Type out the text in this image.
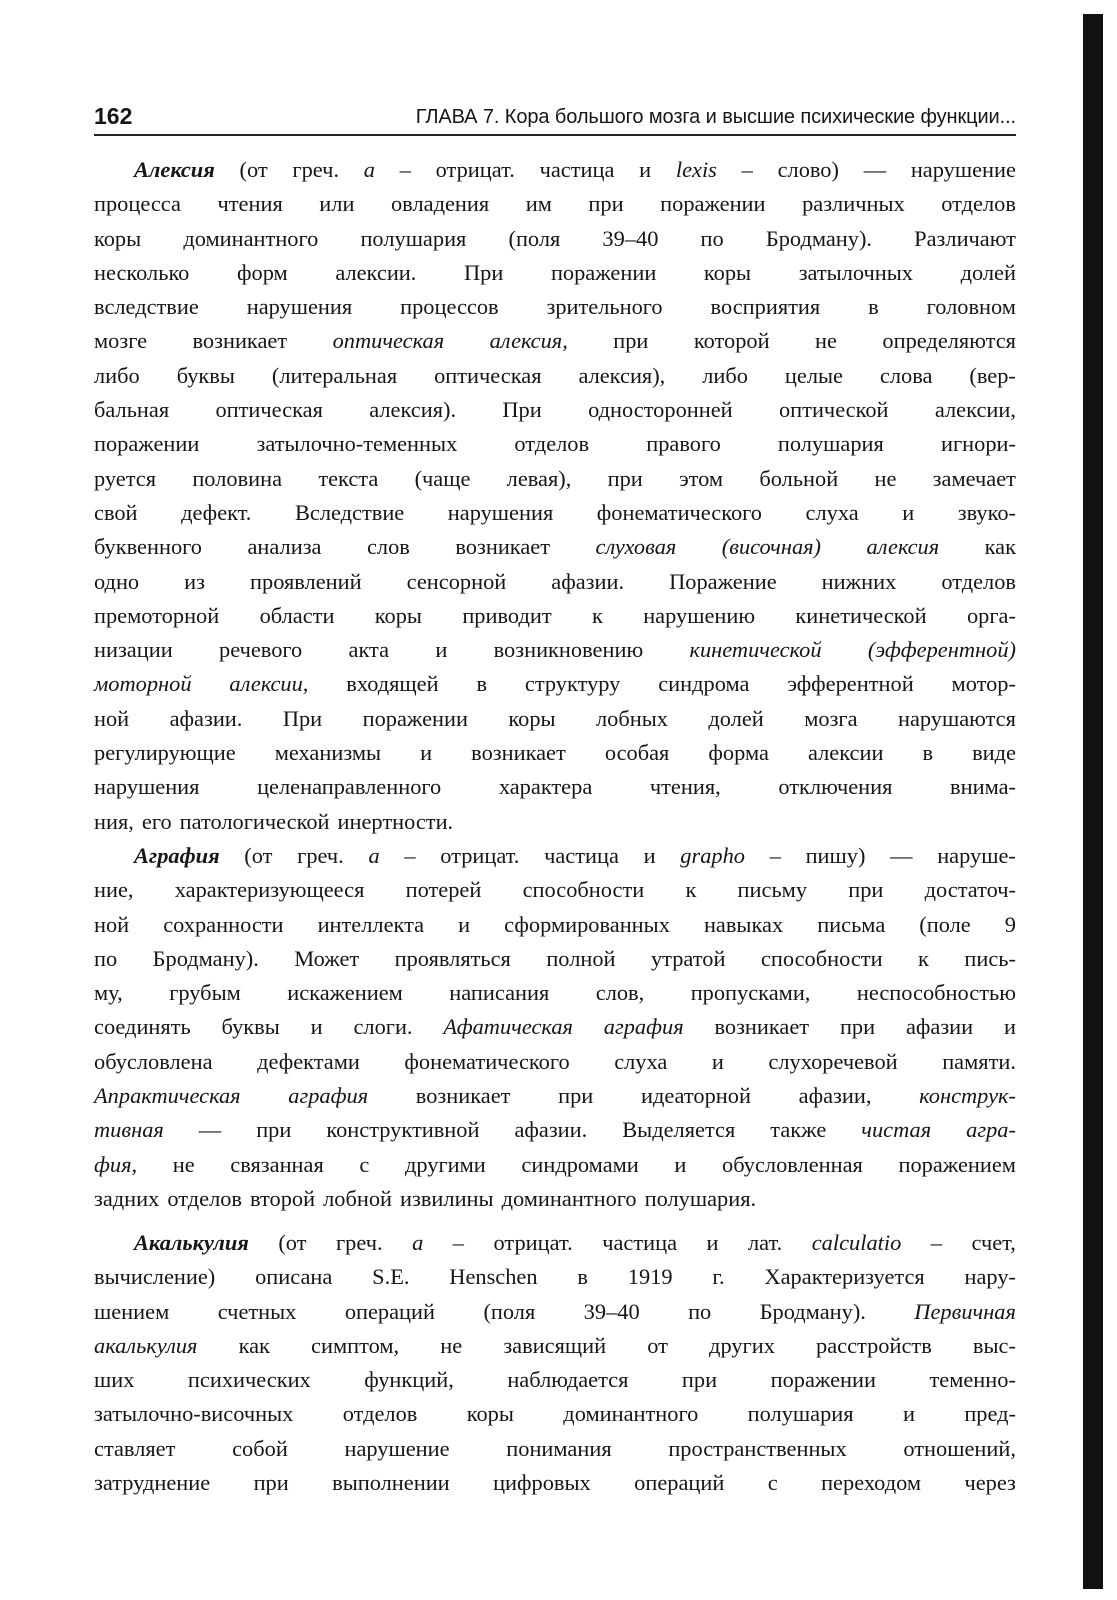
162	ГЛАВА 7. Кора большого мозга и высшие психические функции...
Алексия (от греч. a – отрицат. частица и lexis – слово) — нарушение
процесса чтения или овладения им при поражении различных отделов
коры доминантного полушария (поля 39–40 по Бродману). Различают
несколько форм алексии. При поражении коры затылочных долей
вследствие нарушения процессов зрительного восприятия в головном
мозге возникает оптическая алексия, при которой не определяются
либо буквы (литеральная оптическая алексия), либо целые слова (вер-
бальная оптическая алексия). При односторонней оптической алексии,
поражении	затылочно-теменных	отделов	правого	полушария	игнори-
руется половина текста (чаще левая), при этом больной не замечает
свой дефект. Вследствие нарушения фонематического слуха и звуко-
буквенного анализа слов возникает слуховая (височная) алексия как
одно из проявлений сенсорной афазии. Поражение нижних отделов
премоторной области коры приводит к нарушению кинетической орга-
низации речевого акта и возникновению кинетической (эфферентной)
моторной алексии, входящей в структуру синдрома эфферентной мотор-
ной афазии. При поражении коры лобных долей мозга нарушаются
регулирующие механизмы и возникает особая форма алексии в виде
нарушения	целенаправленного	характера	чтения,	отключения	внима-
ния, его патологической инертности.
Аграфия (от греч. a – отрицат. частица и grapho – пишу) — наруше-
ние, характеризующееся потерей способности к письму при достаточ-
ной сохранности интеллекта и сформированных навыках письма (поле 9
по Бродману). Может проявляться полной утратой способности к пись-
му, грубым искажением написания слов, пропусками, неспособностью
соединять буквы и слоги. Афатическая аграфия возникает при афазии и
обусловлена дефектами фонематического слуха и слухоречевой памяти.
Апрактическая аграфия возникает при идеаторной афазии, конструк-
тивная — при конструктивной афазии. Выделяется также чистая агра-
фия, не связанная с другими синдромами и обусловленная поражением
задних отделов второй лобной извилины доминантного полушария.
Акалькулия (от греч. a – отрицат. частица и лат. calculatio – счет,
вычисление) описана S.E. Henschen в 1919 г. Характеризуется нару-
шением счетных операций (поля 39–40 по Бродману). Первичная
акалькулия как симптом, не зависящий от других расстройств выс-
ших психических функций, наблюдается при поражении теменно-
затылочно-височных отделов коры доминантного полушария и пред-
ставляет	собой	нарушение	понимания	пространственных	отношений,
затруднение при выполнении цифровых операций с переходом через
